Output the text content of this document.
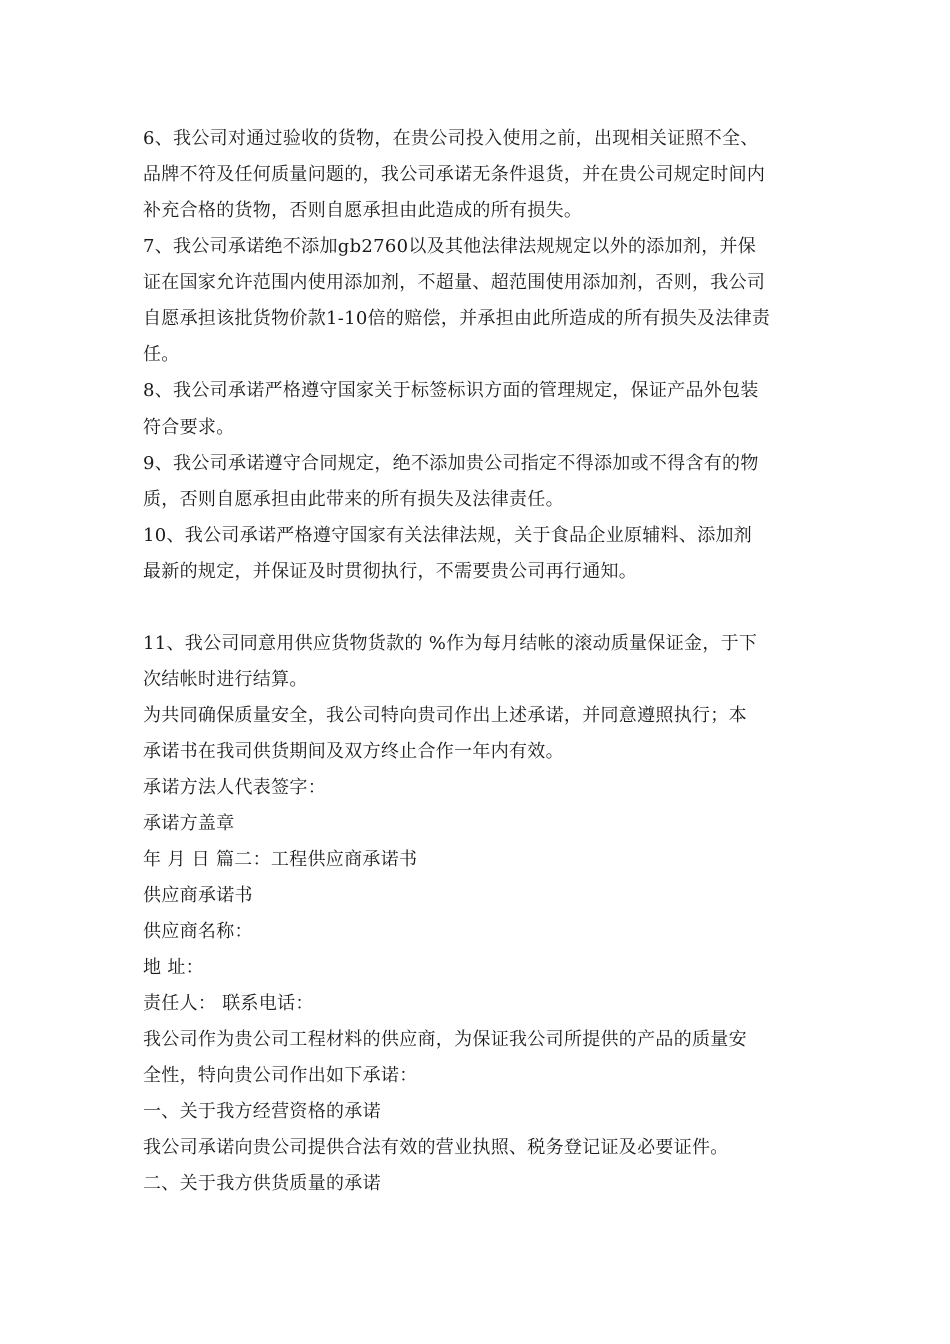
6、我公司对通过验收的货物，在贵公司投入使用之前，出现相关证照不全、
品牌不符及任何质量问题的，我公司承诺无条件退货，并在贵公司规定时间内
补充合格的货物，否则自愿承担由此造成的所有损失。
7、我公司承诺绝不添加gb2760以及其他法律法规规定以外的添加剂，并保
证在国家允许范围内使用添加剂，不超量、超范围使用添加剂，否则，我公司
自愿承担该批货物价款1-10倍的赔偿，并承担由此所造成的所有损失及法律责
任。
8、我公司承诺严格遵守国家关于标签标识方面的管理规定，保证产品外包装
符合要求。
9、我公司承诺遵守合同规定，绝不添加贵公司指定不得添加或不得含有的物
质，否则自愿承担由此带来的所有损失及法律责任。
10、我公司承诺严格遵守国家有关法律法规，关于食品企业原辅料、添加剂
最新的规定，并保证及时贯彻执行，不需要贵公司再行通知。
11、我公司同意用供应货物货款的 %作为每月结帐的滚动质量保证金，于下
次结帐时进行结算。
为共同确保质量安全，我公司特向贵司作出上述承诺，并同意遵照执行；本
承诺书在我司供货期间及双方终止合作一年内有效。
承诺方法人代表签字：
承诺方盖章
年 月 日 篇二：工程供应商承诺书
供应商承诺书
供应商名称：
地 址：
责任人： 联系电话：
我公司作为贵公司工程材料的供应商，为保证我公司所提供的产品的质量安
全性，特向贵公司作出如下承诺：
一、关于我方经营资格的承诺
我公司承诺向贵公司提供合法有效的营业执照、税务登记证及必要证件。
二、关于我方供货质量的承诺
